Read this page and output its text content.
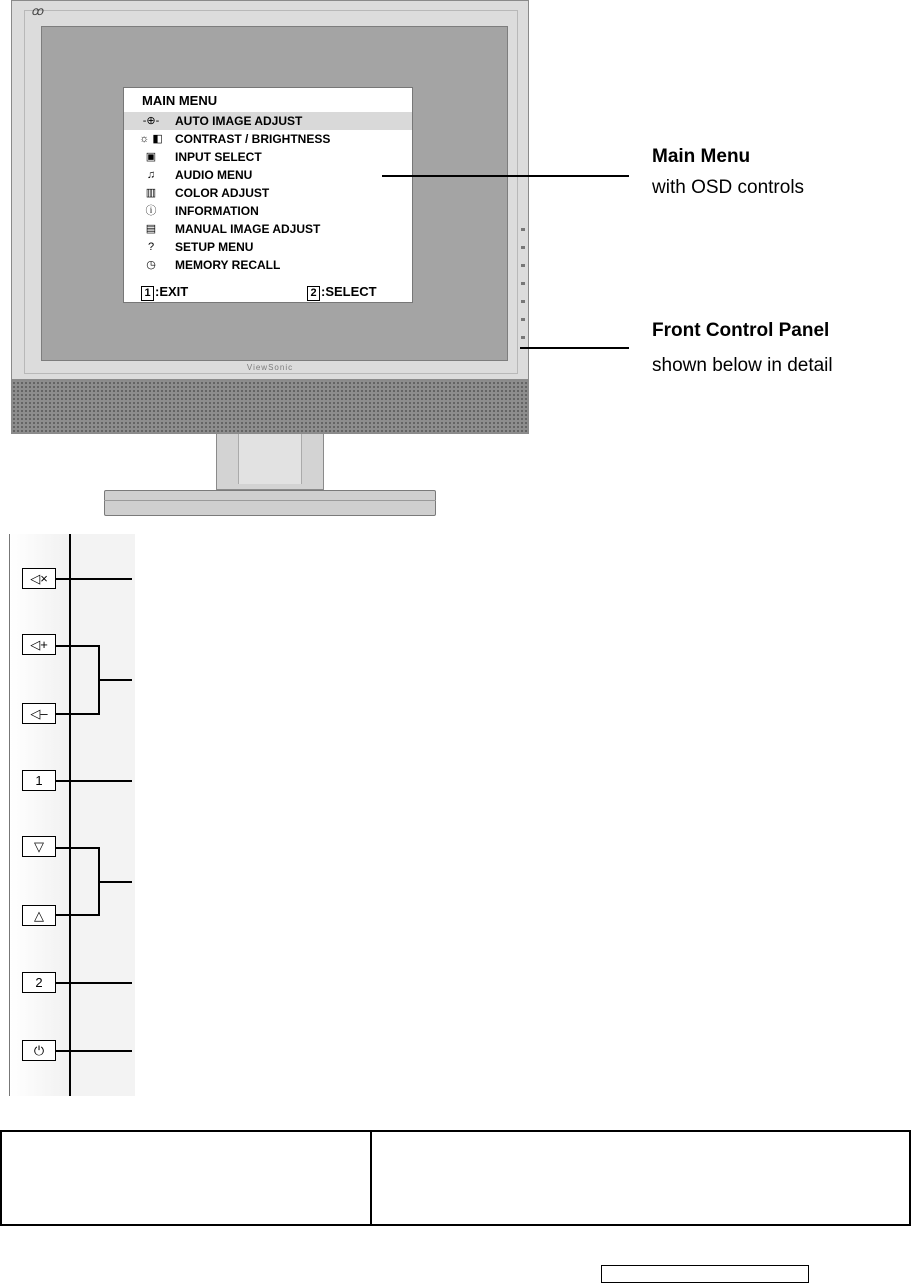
ꝏ
ViewSonic
MAIN MENU
-⊕-	AUTO IMAGE ADJUST
☼ ◧	CONTRAST / BRIGHTNESS
▣	INPUT SELECT
♫	AUDIO MENU
▥	COLOR ADJUST
ⓘ	INFORMATION
▤	MANUAL IMAGE ADJUST
?	SETUP MENU
◷	MEMORY RECALL
1 :EXIT	2 :SELECT
Main Menu
with OSD controls
Front Control Panel
shown below in detail
◁×
◁+
◁–
1
▽
△
2
⏻
